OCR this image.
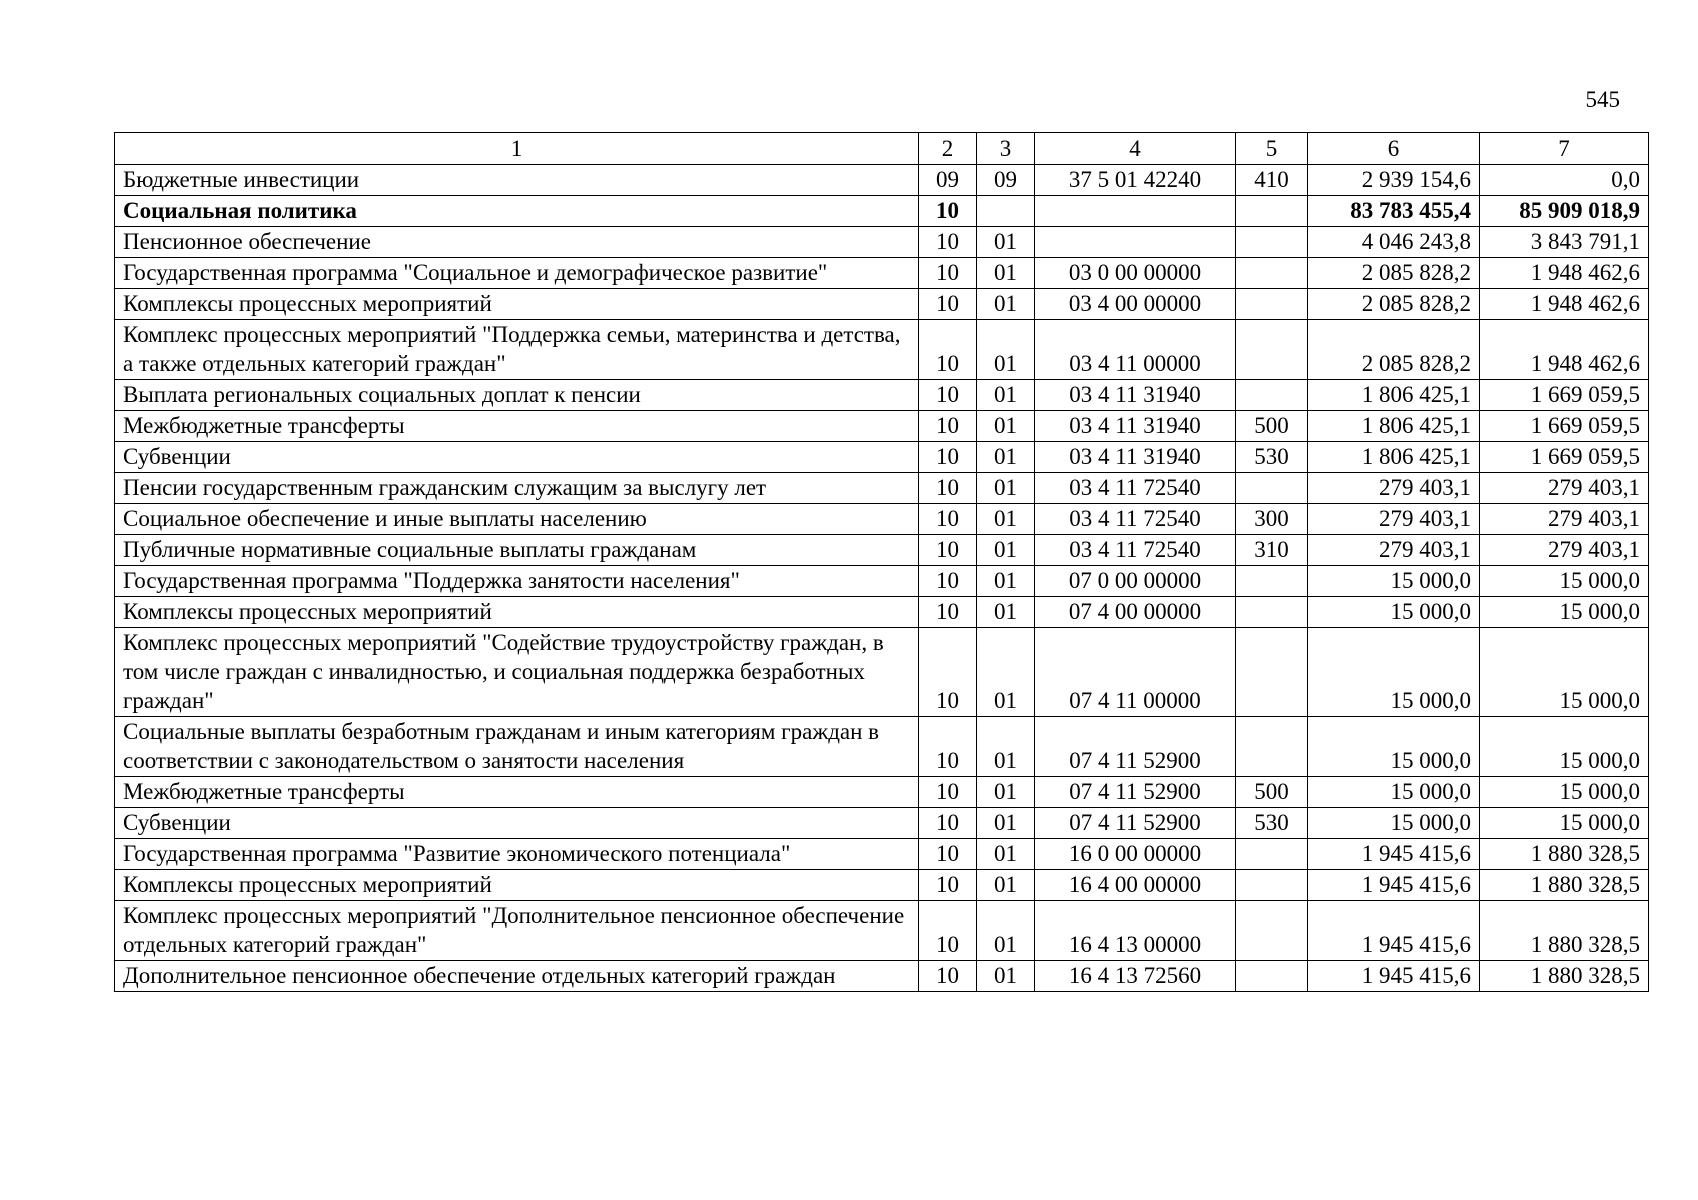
545
1	2	3	4	5	6	7
Бюджетные инвестиции	09	09	37 5 01 42240	410	2 939 154,6	0,0
Социальная политика	10				83 783 455,4	85 909 018,9
Пенсионное обеспечение	10	01			4 046 243,8	3 843 791,1
Государственная программа "Социальное и демографическое развитие"	10	01	03 0 00 00000		2 085 828,2	1 948 462,6
Комплексы процессных мероприятий	10	01	03 4 00 00000		2 085 828,2	1 948 462,6
Комплекс процессных мероприятий "Поддержка семьи, материнства и детства, а также отдельных категорий граждан"	10	01	03 4 11 00000		2 085 828,2	1 948 462,6
Выплата региональных социальных доплат к пенсии	10	01	03 4 11 31940		1 806 425,1	1 669 059,5
Межбюджетные трансферты	10	01	03 4 11 31940	500	1 806 425,1	1 669 059,5
Субвенции	10	01	03 4 11 31940	530	1 806 425,1	1 669 059,5
Пенсии государственным гражданским служащим за выслугу лет	10	01	03 4 11 72540		279 403,1	279 403,1
Социальное обеспечение и иные выплаты населению	10	01	03 4 11 72540	300	279 403,1	279 403,1
Публичные нормативные социальные выплаты гражданам	10	01	03 4 11 72540	310	279 403,1	279 403,1
Государственная программа "Поддержка занятости населения"	10	01	07 0 00 00000		15 000,0	15 000,0
Комплексы процессных мероприятий	10	01	07 4 00 00000		15 000,0	15 000,0
Комплекс процессных мероприятий "Содействие трудоустройству граждан, в том числе граждан с инвалидностью, и социальная поддержка безработных граждан"	10	01	07 4 11 00000		15 000,0	15 000,0
Социальные выплаты безработным гражданам и иным категориям граждан в соответствии с законодательством о занятости населения	10	01	07 4 11 52900		15 000,0	15 000,0
Межбюджетные трансферты	10	01	07 4 11 52900	500	15 000,0	15 000,0
Субвенции	10	01	07 4 11 52900	530	15 000,0	15 000,0
Государственная программа "Развитие экономического потенциала"	10	01	16 0 00 00000		1 945 415,6	1 880 328,5
Комплексы процессных мероприятий	10	01	16 4 00 00000		1 945 415,6	1 880 328,5
Комплекс процессных мероприятий "Дополнительное пенсионное обеспечение отдельных категорий граждан"	10	01	16 4 13 00000		1 945 415,6	1 880 328,5
Дополнительное пенсионное обеспечение отдельных категорий граждан	10	01	16 4 13 72560		1 945 415,6	1 880 328,5
